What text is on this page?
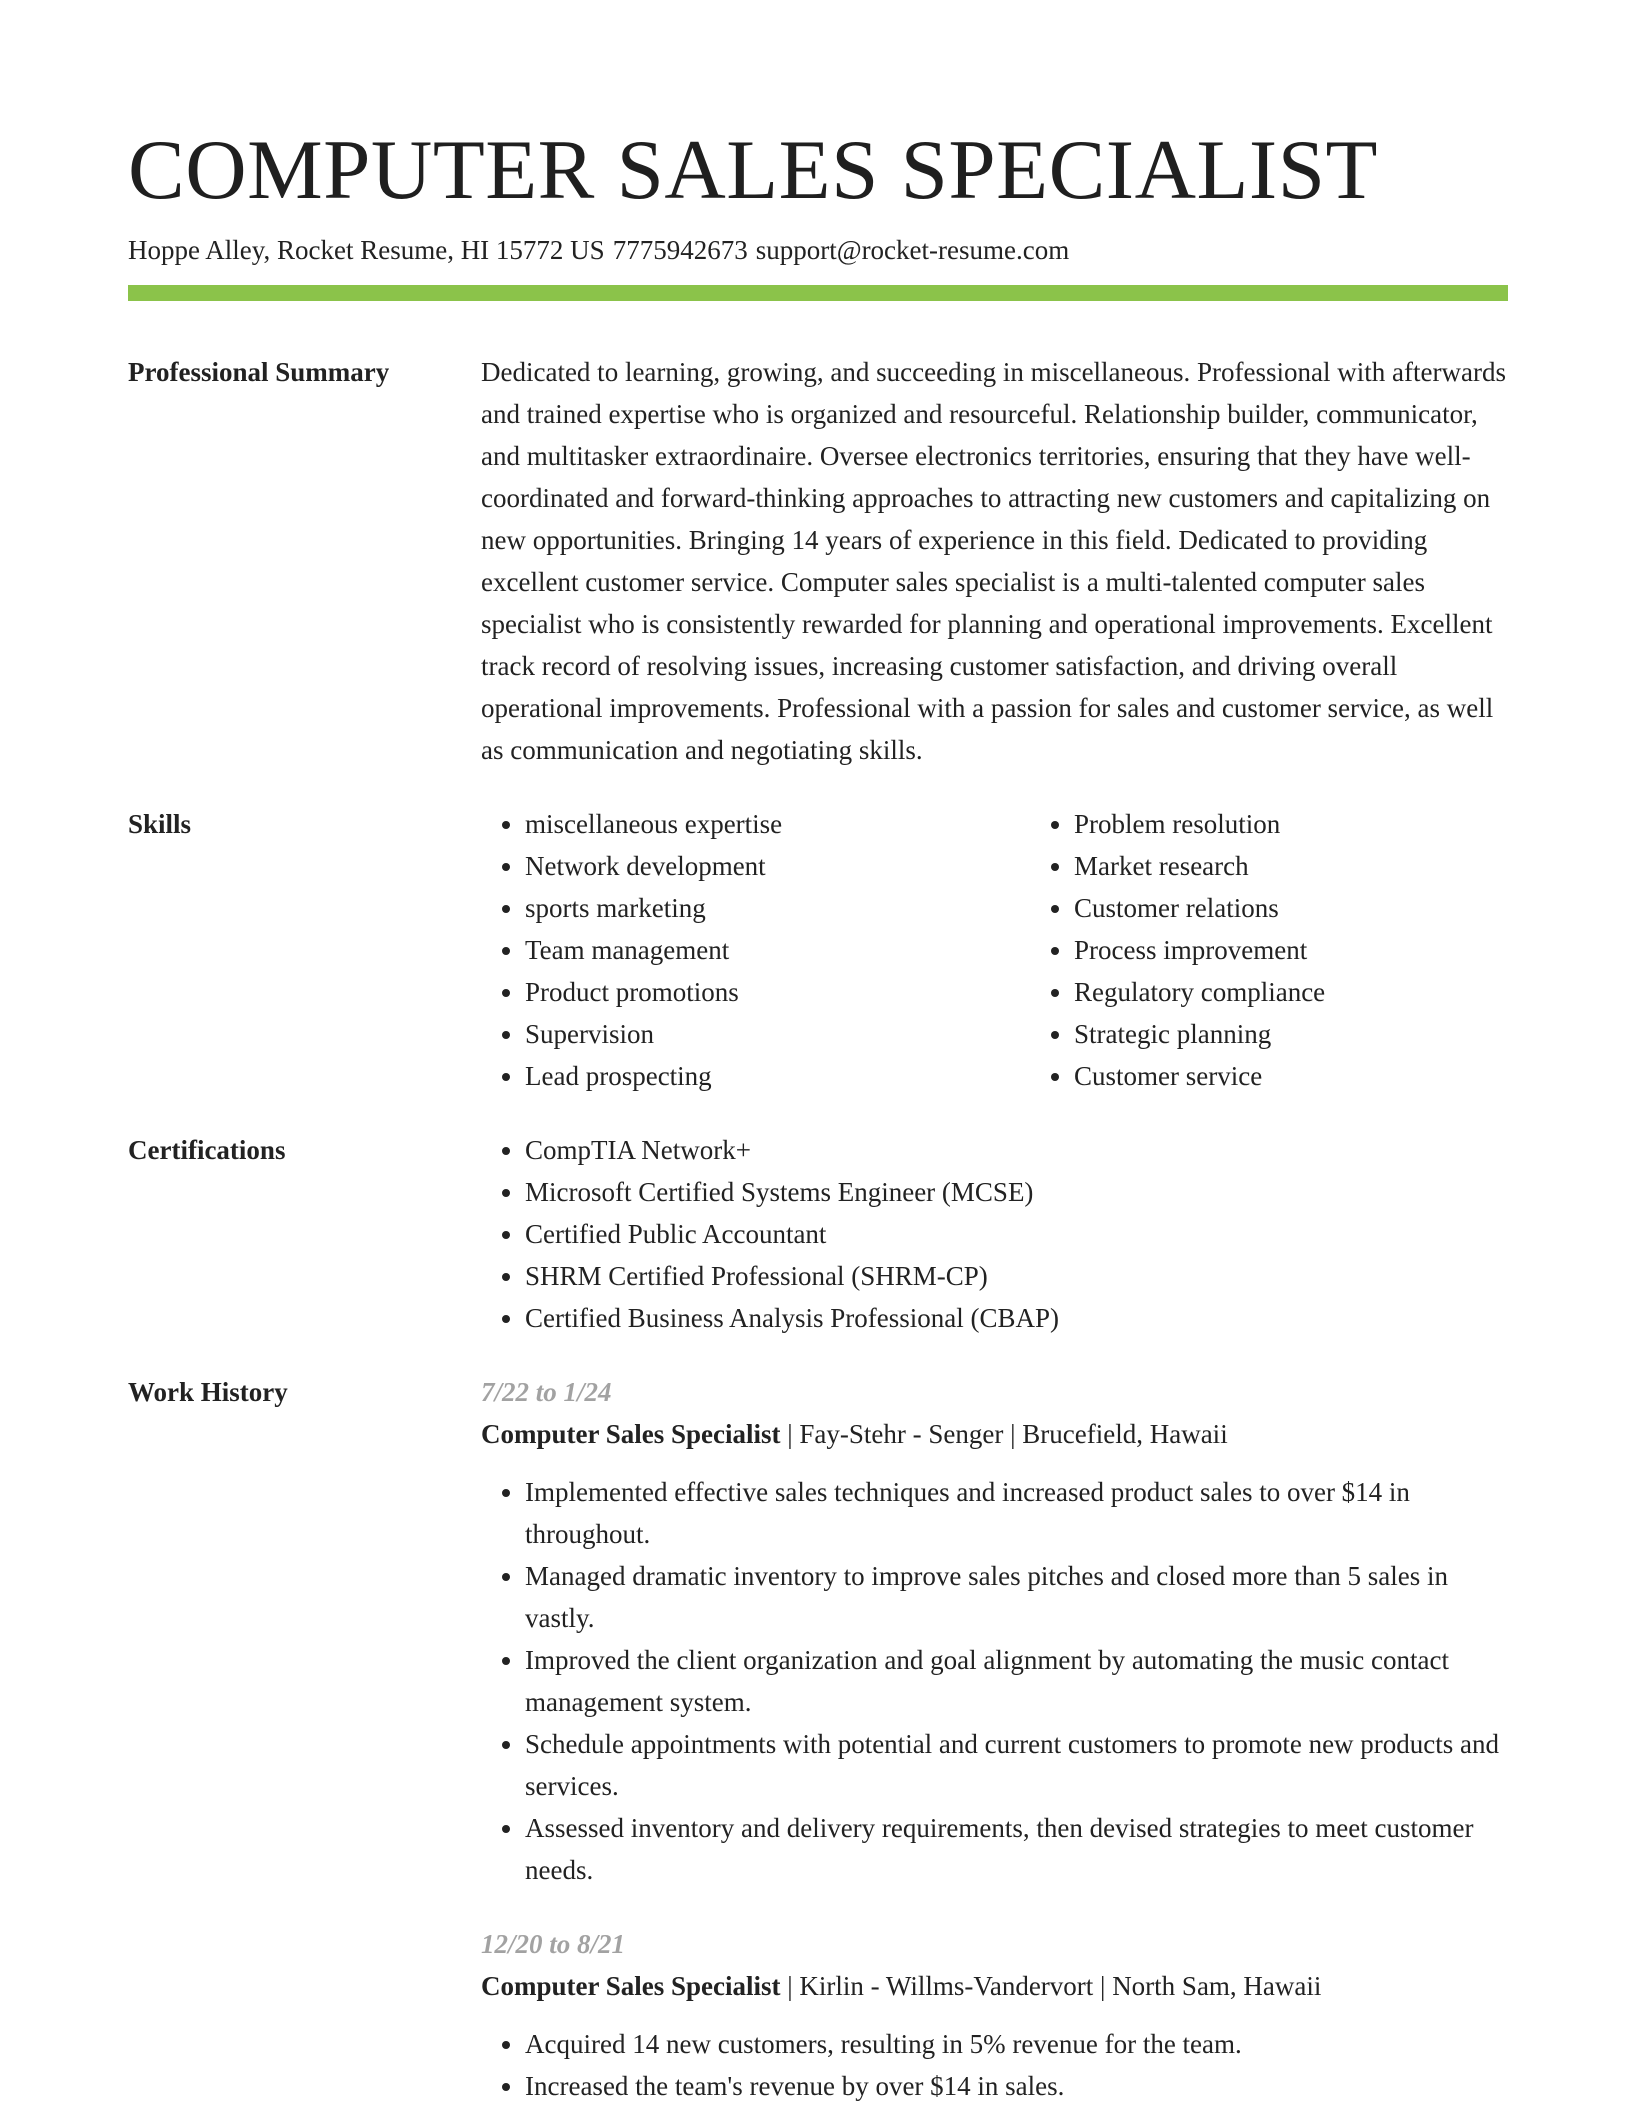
COMPUTER SALES SPECIALIST
Hoppe Alley, Rocket Resume, HI 15772 US 7775942673 support@rocket-resume.com
Professional Summary	Dedicated to learning, growing, and succeeding in miscellaneous. Professional with afterwards and trained expertise who is organized and resourceful. Relationship builder, communicator, and multitasker extraordinaire. Oversee electronics territories, ensuring that they have well-coordinated and forward-thinking approaches to attracting new customers and capitalizing on new opportunities. Bringing 14 years of experience in this field. Dedicated to providing excellent customer service. Computer sales specialist is a multi-talented computer sales specialist who is consistently rewarded for planning and operational improvements. Excellent track record of resolving issues, increasing customer satisfaction, and driving overall operational improvements. Professional with a passion for sales and customer service, as well as communication and negotiating skills.
Skills	• miscellaneous expertise
• Network development
• sports marketing
• Team management
• Product promotions
• Supervision
• Lead prospecting
• Problem resolution
• Market research
• Customer relations
• Process improvement
• Regulatory compliance
• Strategic planning
• Customer service
Certifications	• CompTIA Network+
• Microsoft Certified Systems Engineer (MCSE)
• Certified Public Accountant
• SHRM Certified Professional (SHRM-CP)
• Certified Business Analysis Professional (CBAP)
Work History	7/22 to 1/24
Computer Sales Specialist | Fay-Stehr - Senger | Brucefield, Hawaii
• Implemented effective sales techniques and increased product sales to over $14 in throughout.
• Managed dramatic inventory to improve sales pitches and closed more than 5 sales in vastly.
• Improved the client organization and goal alignment by automating the music contact management system.
• Schedule appointments with potential and current customers to promote new products and services.
• Assessed inventory and delivery requirements, then devised strategies to meet customer needs.
12/20 to 8/21
Computer Sales Specialist | Kirlin - Willms-Vandervort | North Sam, Hawaii
• Acquired 14 new customers, resulting in 5% revenue for the team.
• Increased the team's revenue by over $14 in sales.
